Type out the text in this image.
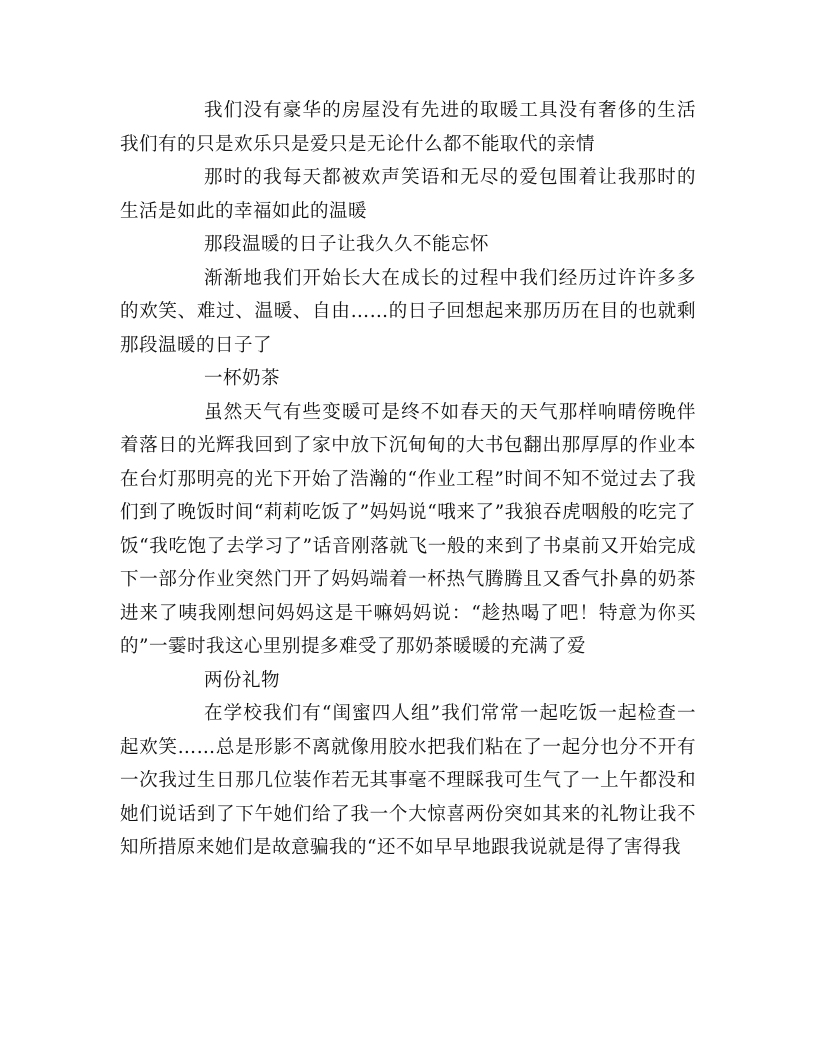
我们没有豪华的房屋没有先进的取暖工具没有奢侈的生活我们有的只是欢乐只是爱只是无论什么都不能取代的亲情

那时的我每天都被欢声笑语和无尽的爱包围着让我那时的生活是如此的幸福如此的温暖

那段温暖的日子让我久久不能忘怀

渐渐地我们开始长大在成长的过程中我们经历过许许多多的欢笑、难过、温暖、自由……的日子回想起来那历历在目的也就剩那段温暖的日子了

一杯奶茶

虽然天气有些变暖可是终不如春天的天气那样响晴傍晚伴着落日的光辉我回到了家中放下沉甸甸的大书包翻出那厚厚的作业本在台灯那明亮的光下开始了浩瀚的“作业工程”时间不知不觉过去了我们到了晚饭时间“莉莉吃饭了”妈妈说“哦来了”我狼吞虎咽般的吃完了饭“我吃饱了去学习了”话音刚落就飞一般的来到了书桌前又开始完成下一部分作业突然门开了妈妈端着一杯热气腾腾且又香气扑鼻的奶茶进来了咦我刚想问妈妈这是干嘛妈妈说：“趁热喝了吧！特意为你买的”一霎时我这心里别提多难受了那奶茶暖暖的充满了爱

两份礼物

在学校我们有“闺蜜四人组”我们常常一起吃饭一起检查一起欢笑……总是形影不离就像用胶水把我们粘在了一起分也分不开有一次我过生日那几位装作若无其事毫不理睬我可生气了一上午都没和她们说话到了下午她们给了我一个大惊喜两份突如其来的礼物让我不知所措原来她们是故意骗我的“还不如早早地跟我说就是得了害得我
